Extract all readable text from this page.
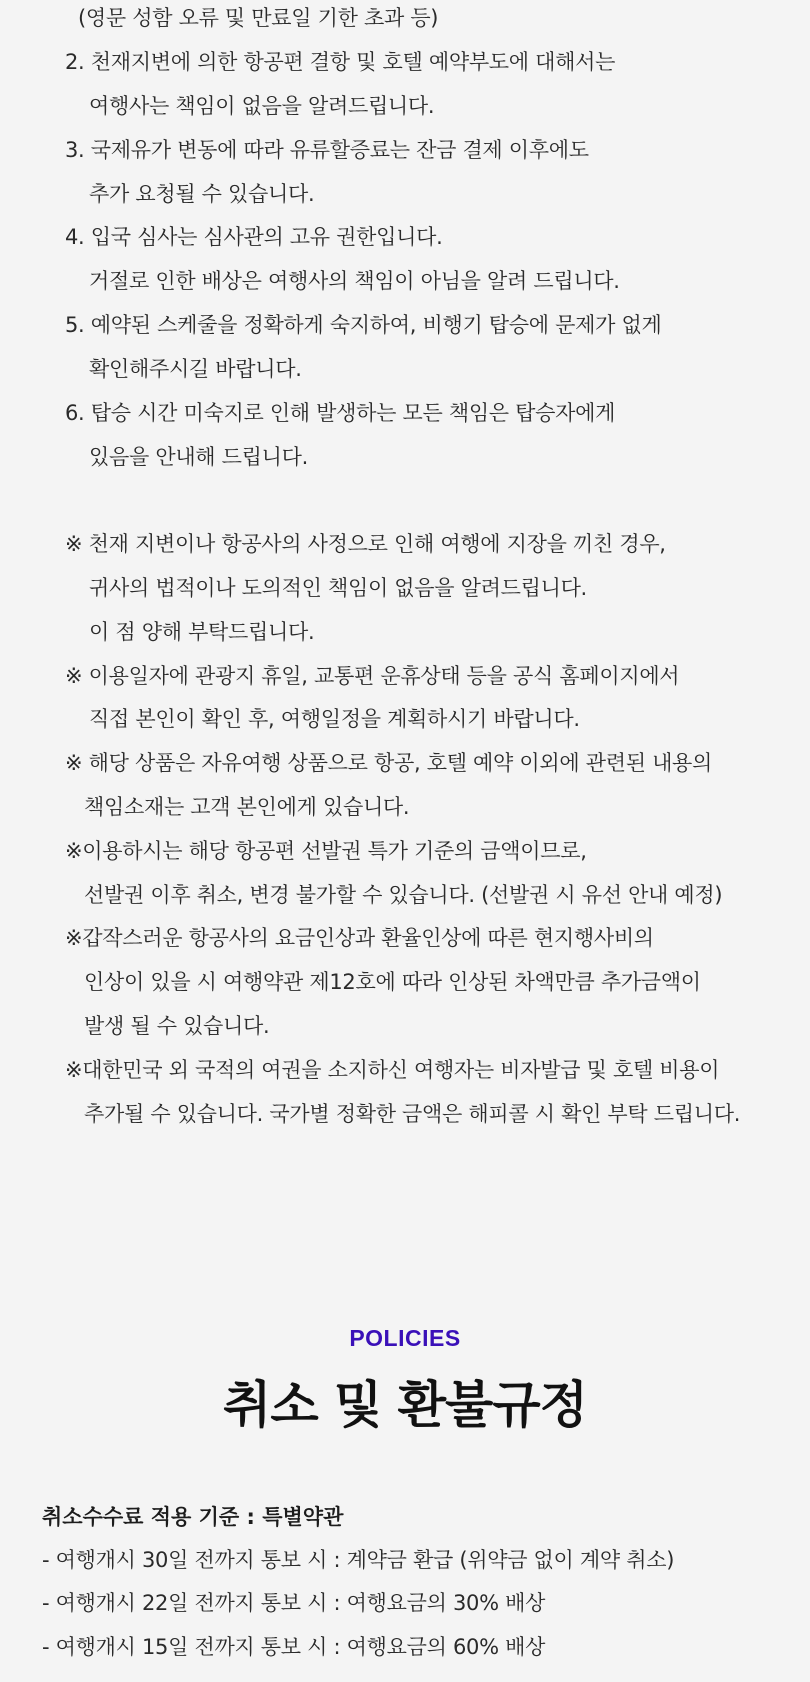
(영문 성함 오류 및 만료일 기한 초과 등)
2. 천재지변에 의한 항공편 결항 및 호텔 예약부도에 대해서는
여행사는 책임이 없음을 알려드립니다.
3. 국제유가 변동에 따라 유류할증료는 잔금 결제 이후에도
추가 요청될 수 있습니다.
4. 입국 심사는 심사관의 고유 권한입니다.
거절로 인한 배상은 여행사의 책임이 아님을 알려 드립니다.
5. 예약된 스케줄을 정확하게 숙지하여, 비행기 탑승에 문제가 없게
확인해주시길 바랍니다.
6. 탑승 시간 미숙지로 인해 발생하는 모든 책임은 탑승자에게
있음을 안내해 드립니다.
※ 천재 지변이나 항공사의 사정으로 인해 여행에 지장을 끼친 경우,
귀사의 법적이나 도의적인 책임이 없음을 알려드립니다.
이 점 양해 부탁드립니다.
※ 이용일자에 관광지 휴일, 교통편 운휴상태 등을 공식 홈페이지에서
직접 본인이 확인 후, 여행일정을 계획하시기 바랍니다.
※ 해당 상품은 자유여행 상품으로 항공, 호텔 예약 이외에 관련된 내용의
책임소재는 고객 본인에게 있습니다.
※이용하시는 해당 항공편 선발권 특가 기준의 금액이므로,
선발권 이후 취소, 변경 불가할 수 있습니다. (선발권 시 유선 안내 예정)
※갑작스러운 항공사의 요금인상과 환율인상에 따른 현지행사비의
인상이 있을 시 여행약관 제12호에 따라 인상된 차액만큼 추가금액이
발생 될 수 있습니다.
※대한민국 외 국적의 여권을 소지하신 여행자는 비자발급 및 호텔 비용이
추가될 수 있습니다. 국가별 정확한 금액은 해피콜 시 확인 부탁 드립니다.
POLICIES
취소 및 환불규정
취소수수료 적용 기준 : 특별약관
- 여행개시 30일 전까지 통보 시 : 계약금 환급 (위약금 없이 계약 취소)
- 여행개시 22일 전까지 통보 시 : 여행요금의 30% 배상
- 여행개시 15일 전까지 통보 시 : 여행요금의 60% 배상
